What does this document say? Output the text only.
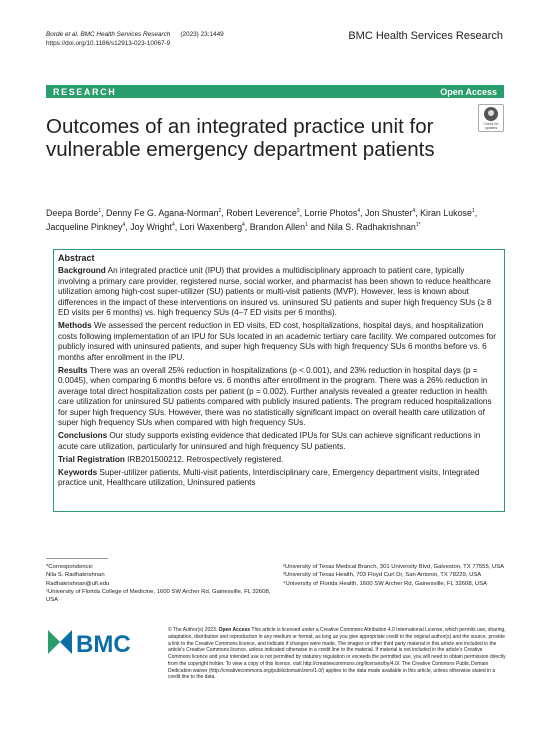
Borde et al. BMC Health Services Research (2023) 23:1449
https://doi.org/10.1186/s12913-023-10067-9
BMC Health Services Research
RESEARCH	Open Access
Check for updates
Outcomes of an integrated practice unit for vulnerable emergency department patients
Deepa Borde$^1$, Denny Fe G. Agana-Norman$^2$, Robert Leverence$^3$, Lorrie Photos$^4$, Jon Shuster$^4$, Kiran Lukose$^1$, Jacqueline Pinkney$^4$, Joy Wright$^4$, Lori Waxenberg$^4$, Brandon Allen$^1$ and Nila S. Radhakrishnan$^{1*}$
Abstract

Background An integrated practice unit (IPU) that provides a multidisciplinary approach to patient care, typically involving a primary care provider, registered nurse, social worker, and pharmacist has been shown to reduce healthcare utilization among high-cost super-utilizer (SU) patients or multi-visit patients (MVP). However, less is known about differences in the impact of these interventions on insured vs. uninsured SU patients and super high frequency SUs (≥ 8 ED visits per 6 months) vs. high frequency SUs (4–7 ED visits per 6 months).

Methods We assessed the percent reduction in ED visits, ED cost, hospitalizations, hospital days, and hospitalization costs following implementation of an IPU for SUs located in an academic tertiary care facility. We compared outcomes for publicly insured with uninsured patients, and super high frequency SUs with high frequency SUs 6 months before vs. 6 months after enrollment in the IPU.

Results There was an overall 25% reduction in hospitalizations (p < 0.001), and 23% reduction in hospital days (p = 0.0045), when comparing 6 months before vs. 6 months after enrollment in the program. There was a 26% reduction in average total direct hospitalization costs per patient (p = 0.002). Further analysis revealed a greater reduction in health care utilization for uninsured SU patients compared with publicly insured patients. The program reduced hospitalizations for super high frequency SUs. However, there was no statistically significant impact on overall health care utilization of super high frequency SUs when compared with high frequency SUs.

Conclusions Our study supports existing evidence that dedicated IPUs for SUs can achieve significant reductions in acute care utilization, particularly for uninsured and high frequency SU patients.

Trial Registration IRB201500212. Retrospectively registered.

Keywords Super-utilizer patients, Multi-visit patients, Interdisciplinary care, Emergency department visits, Integrated practice unit, Healthcare utilization, Uninsured patients

*Correspondence:
Nila S. Radhakrishnan
Radhakrishnan@ufl.edu
¹University of Florida College of Medicine, 1600 SW Archer Rd, Gainesville, FL 32608, USA
²University of Texas Medical Branch, 301 University Blvd, Galveston, TX 77555, USA
³University of Texas Health, 703 Floyd Curl Dr, San Antonio, TX 78229, USA
⁴University of Florida Health, 1600 SW Archer Rd, Gainesville, FL 32608, USA
BMC
© The Author(s) 2023. Open Access This article is licensed under a Creative Commons Attribution 4.0 International License, which permits use, sharing, adaptation, distribution and reproduction in any medium or format, as long as you give appropriate credit to the original author(s) and the source, provide a link to the Creative Commons licence, and indicate if changes were made. The images or other third party material in this article are included in the article's Creative Commons licence, unless indicated otherwise in a credit line to the material. If material is not included in the article's Creative Commons licence and your intended use is not permitted by statutory regulation or exceeds the permitted use, you will need to obtain permission directly from the copyright holder. To view a copy of this licence, visit http://creativecommons.org/licenses/by/4.0/. The Creative Commons Public Domain Dedication waiver (http://creativecommons.org/publicdomain/zero/1.0/) applies to the data made available in this article, unless otherwise stated in a credit line to the data.
